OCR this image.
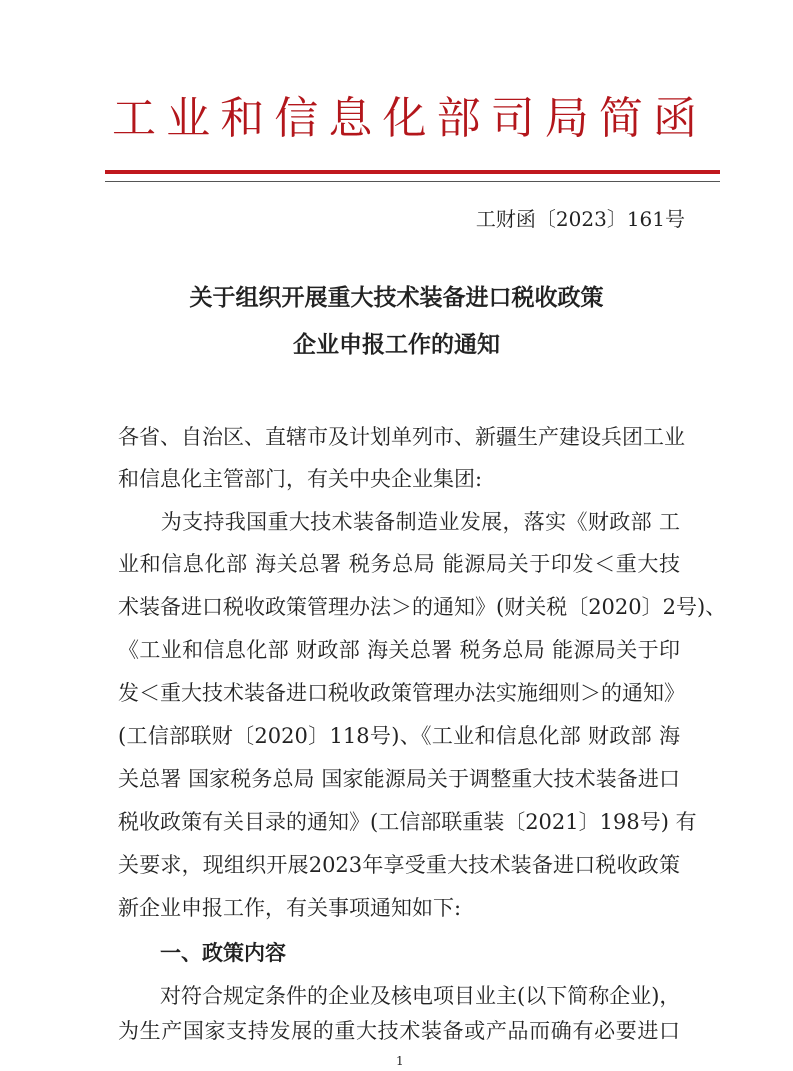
工 业 和 信 息 化 部 司 局 简 函
工财函〔2023〕161号
关于组织开展重大技术装备进口税收政策
企业申报工作的通知
各省、自治区、直辖市及计划单列市、新疆生产建设兵团工业
和信息化主管部门，有关中央企业集团:
　　为支持我国重大技术装备制造业发展，落实《财政部 工
业和信息化部 海关总署 税务总局 能源局关于印发＜重大技
术装备进口税收政策管理办法＞的通知》(财关税〔2020〕2号)、
《工业和信息化部 财政部 海关总署 税务总局 能源局关于印
发＜重大技术装备进口税收政策管理办法实施细则＞的通知》
(工信部联财〔2020〕118号)、《工业和信息化部 财政部 海
关总署 国家税务总局 国家能源局关于调整重大技术装备进口
税收政策有关目录的通知》(工信部联重装〔2021〕198号) 有
关要求，现组织开展2023年享受重大技术装备进口税收政策
新企业申报工作，有关事项通知如下:
　　一、政策内容
　　对符合规定条件的企业及核电项目业主(以下简称企业)，
为生产国家支持发展的重大技术装备或产品而确有必要进口
1
